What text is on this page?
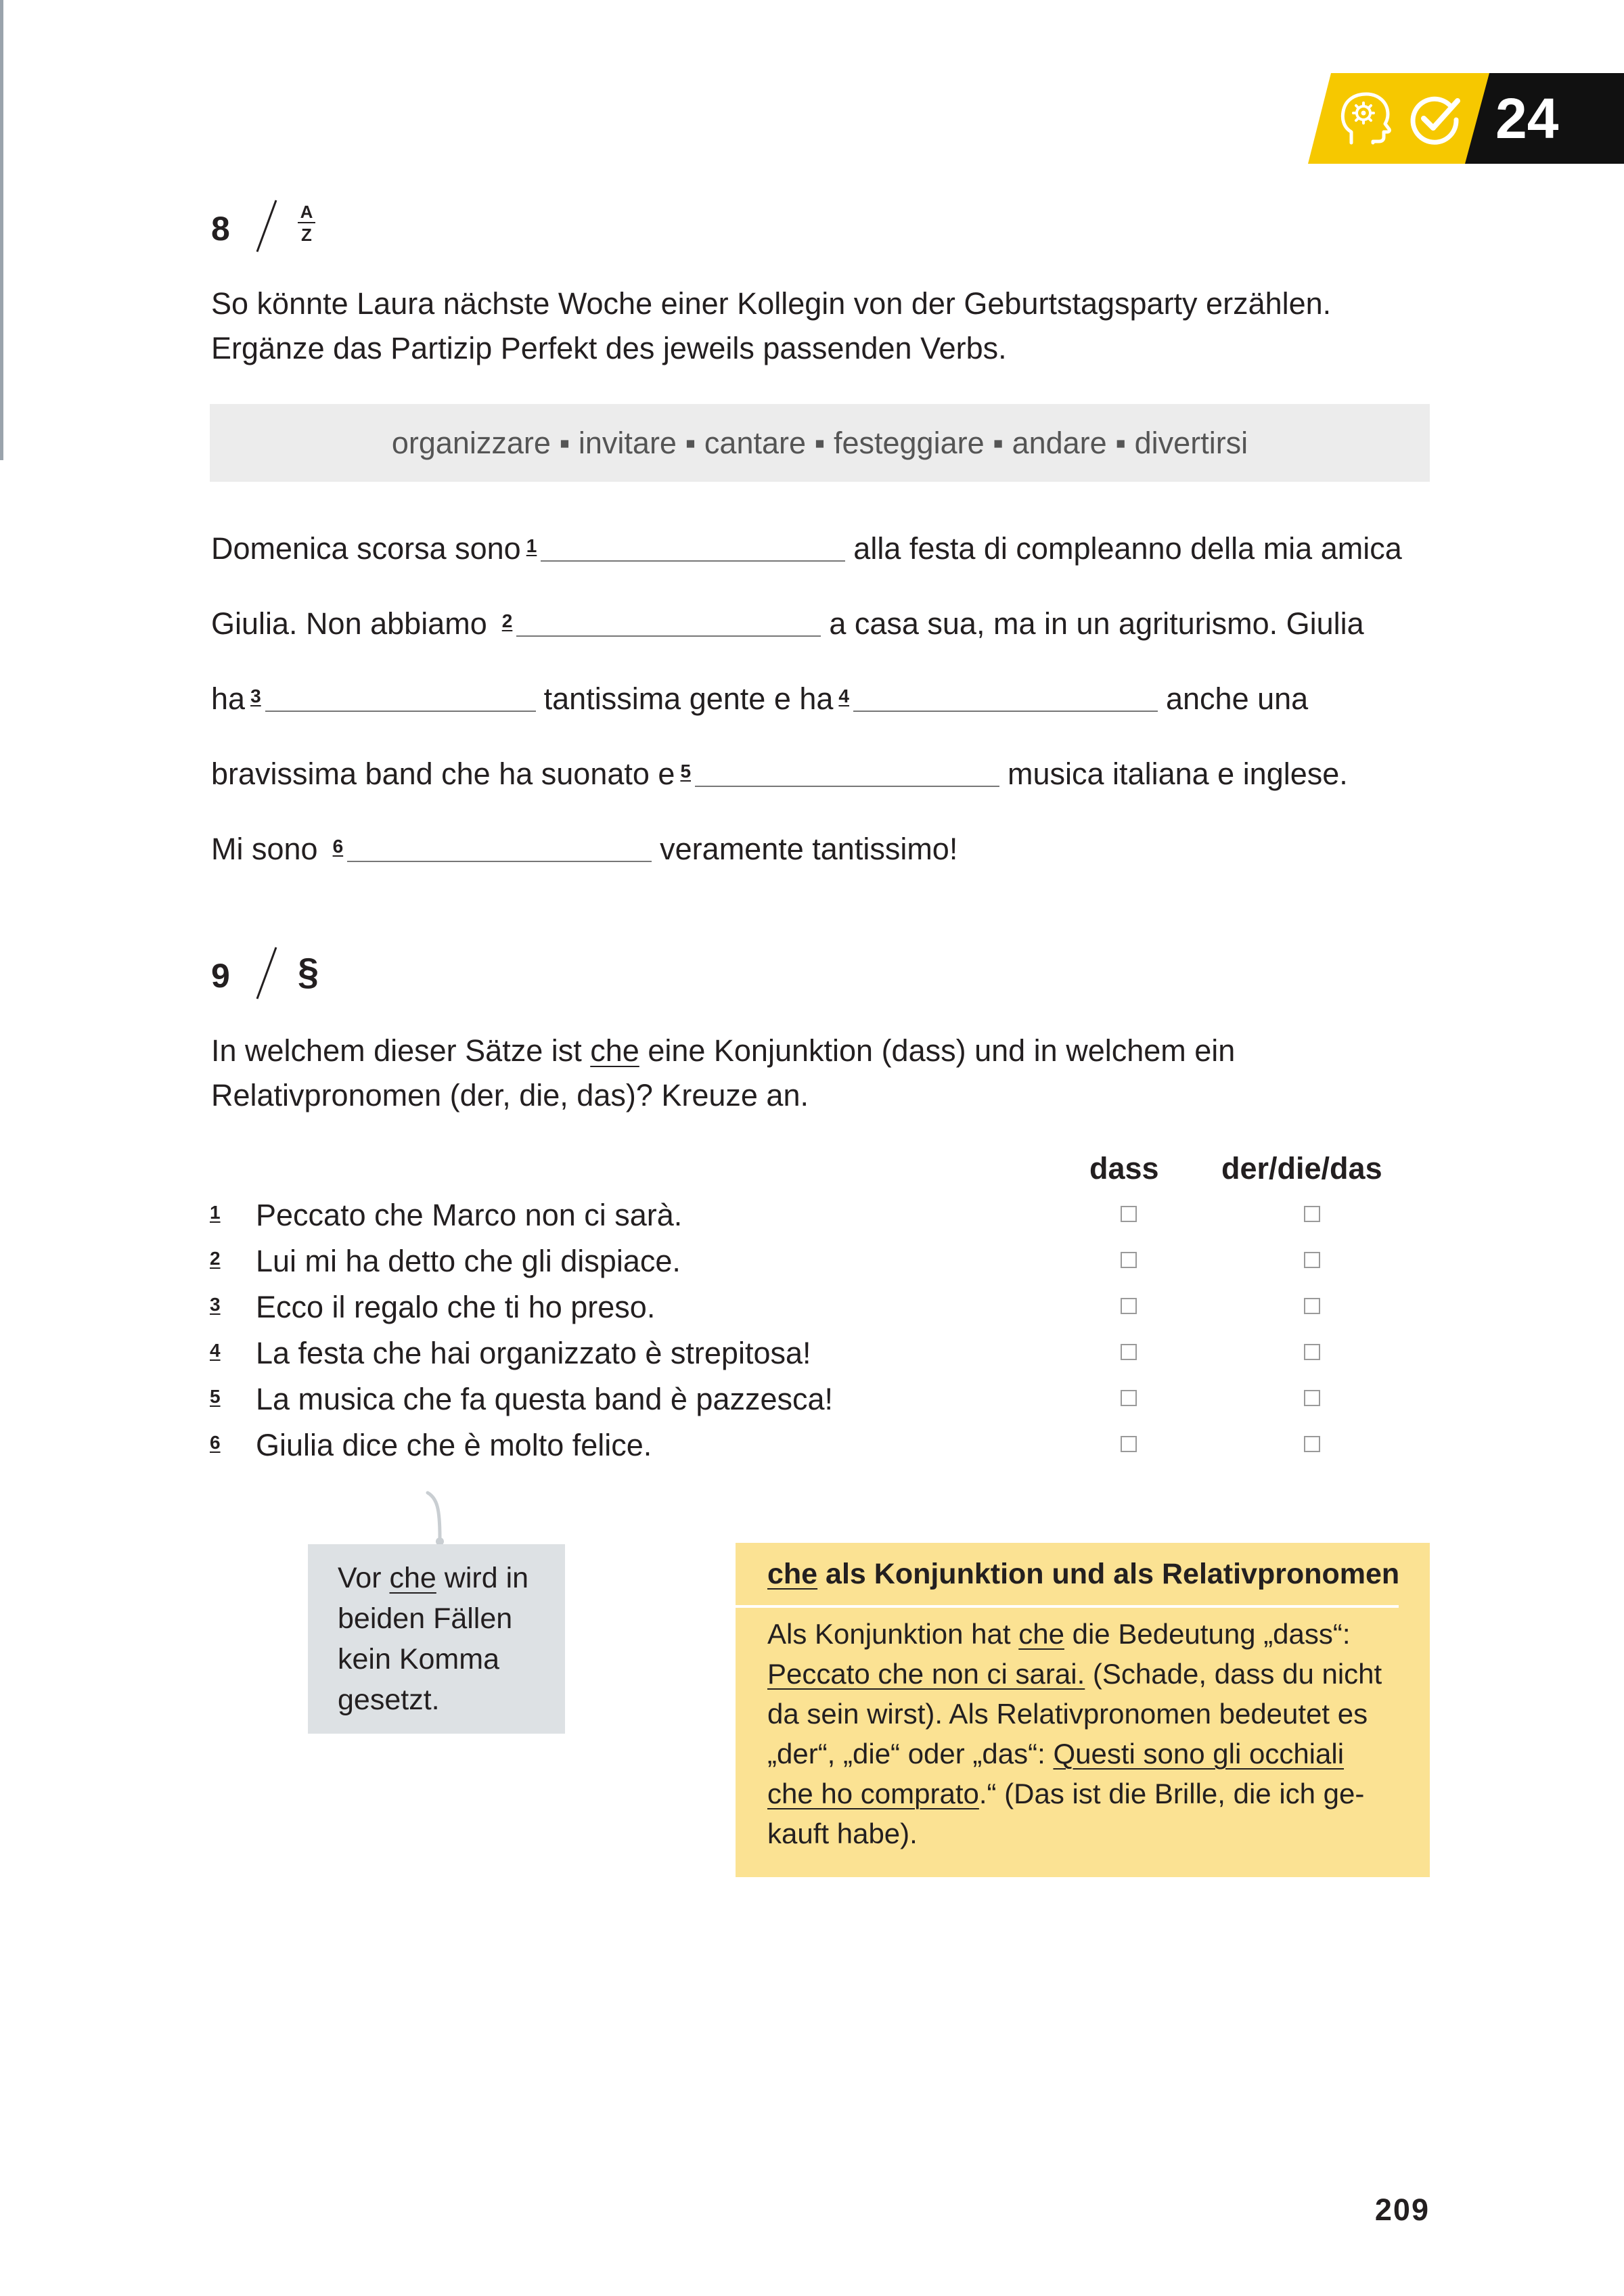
24
8	A
Z
So könnte Laura nächste Woche einer Kollegin von der Geburtstagsparty erzählen.
Ergänze das Partizip Perfekt des jeweils passenden Verbs.
organizzare ▪ invitare ▪ cantare ▪ festeggiare ▪ andare ▪ divertirsi
Domenica scorsa sono 1	alla festa di compleanno della mia amica
Giulia. Non abbiamo 2	a casa sua, ma in un agriturismo. Giulia
ha 3	tantissima gente e ha 4	anche una
bravissima band che ha suonato e 5	musica italiana e inglese.
Mi sono 6	veramente tantissimo!
9 §
In welchem dieser Sätze ist che eine Konjunktion (dass) und in welchem ein
Relativpronomen (der, die, das)? Kreuze an.
dass der/die/das
1	Peccato che Marco non ci sarà.
2	Lui mi ha detto che gli dispiace.
3	Ecco il regalo che ti ho preso.
4	La festa che hai organizzato è strepitosa!
5	La musica che fa questa band è pazzesca!
6	Giulia dice che è molto felice.
Vor che wird in
beiden Fällen
kein Komma
gesetzt.
che als Konjunktion und als Relativpronomen
Als Konjunktion hat che die Bedeutung „dass“:
Peccato che non ci sarai. (Schade, dass du nicht
da sein wirst). Als Relativpronomen bedeutet es
„der“, „die“ oder „das“: Questi sono gli occhiali
che ho comprato.“ (Das ist die Brille, die ich ge-
kauft habe).
209
